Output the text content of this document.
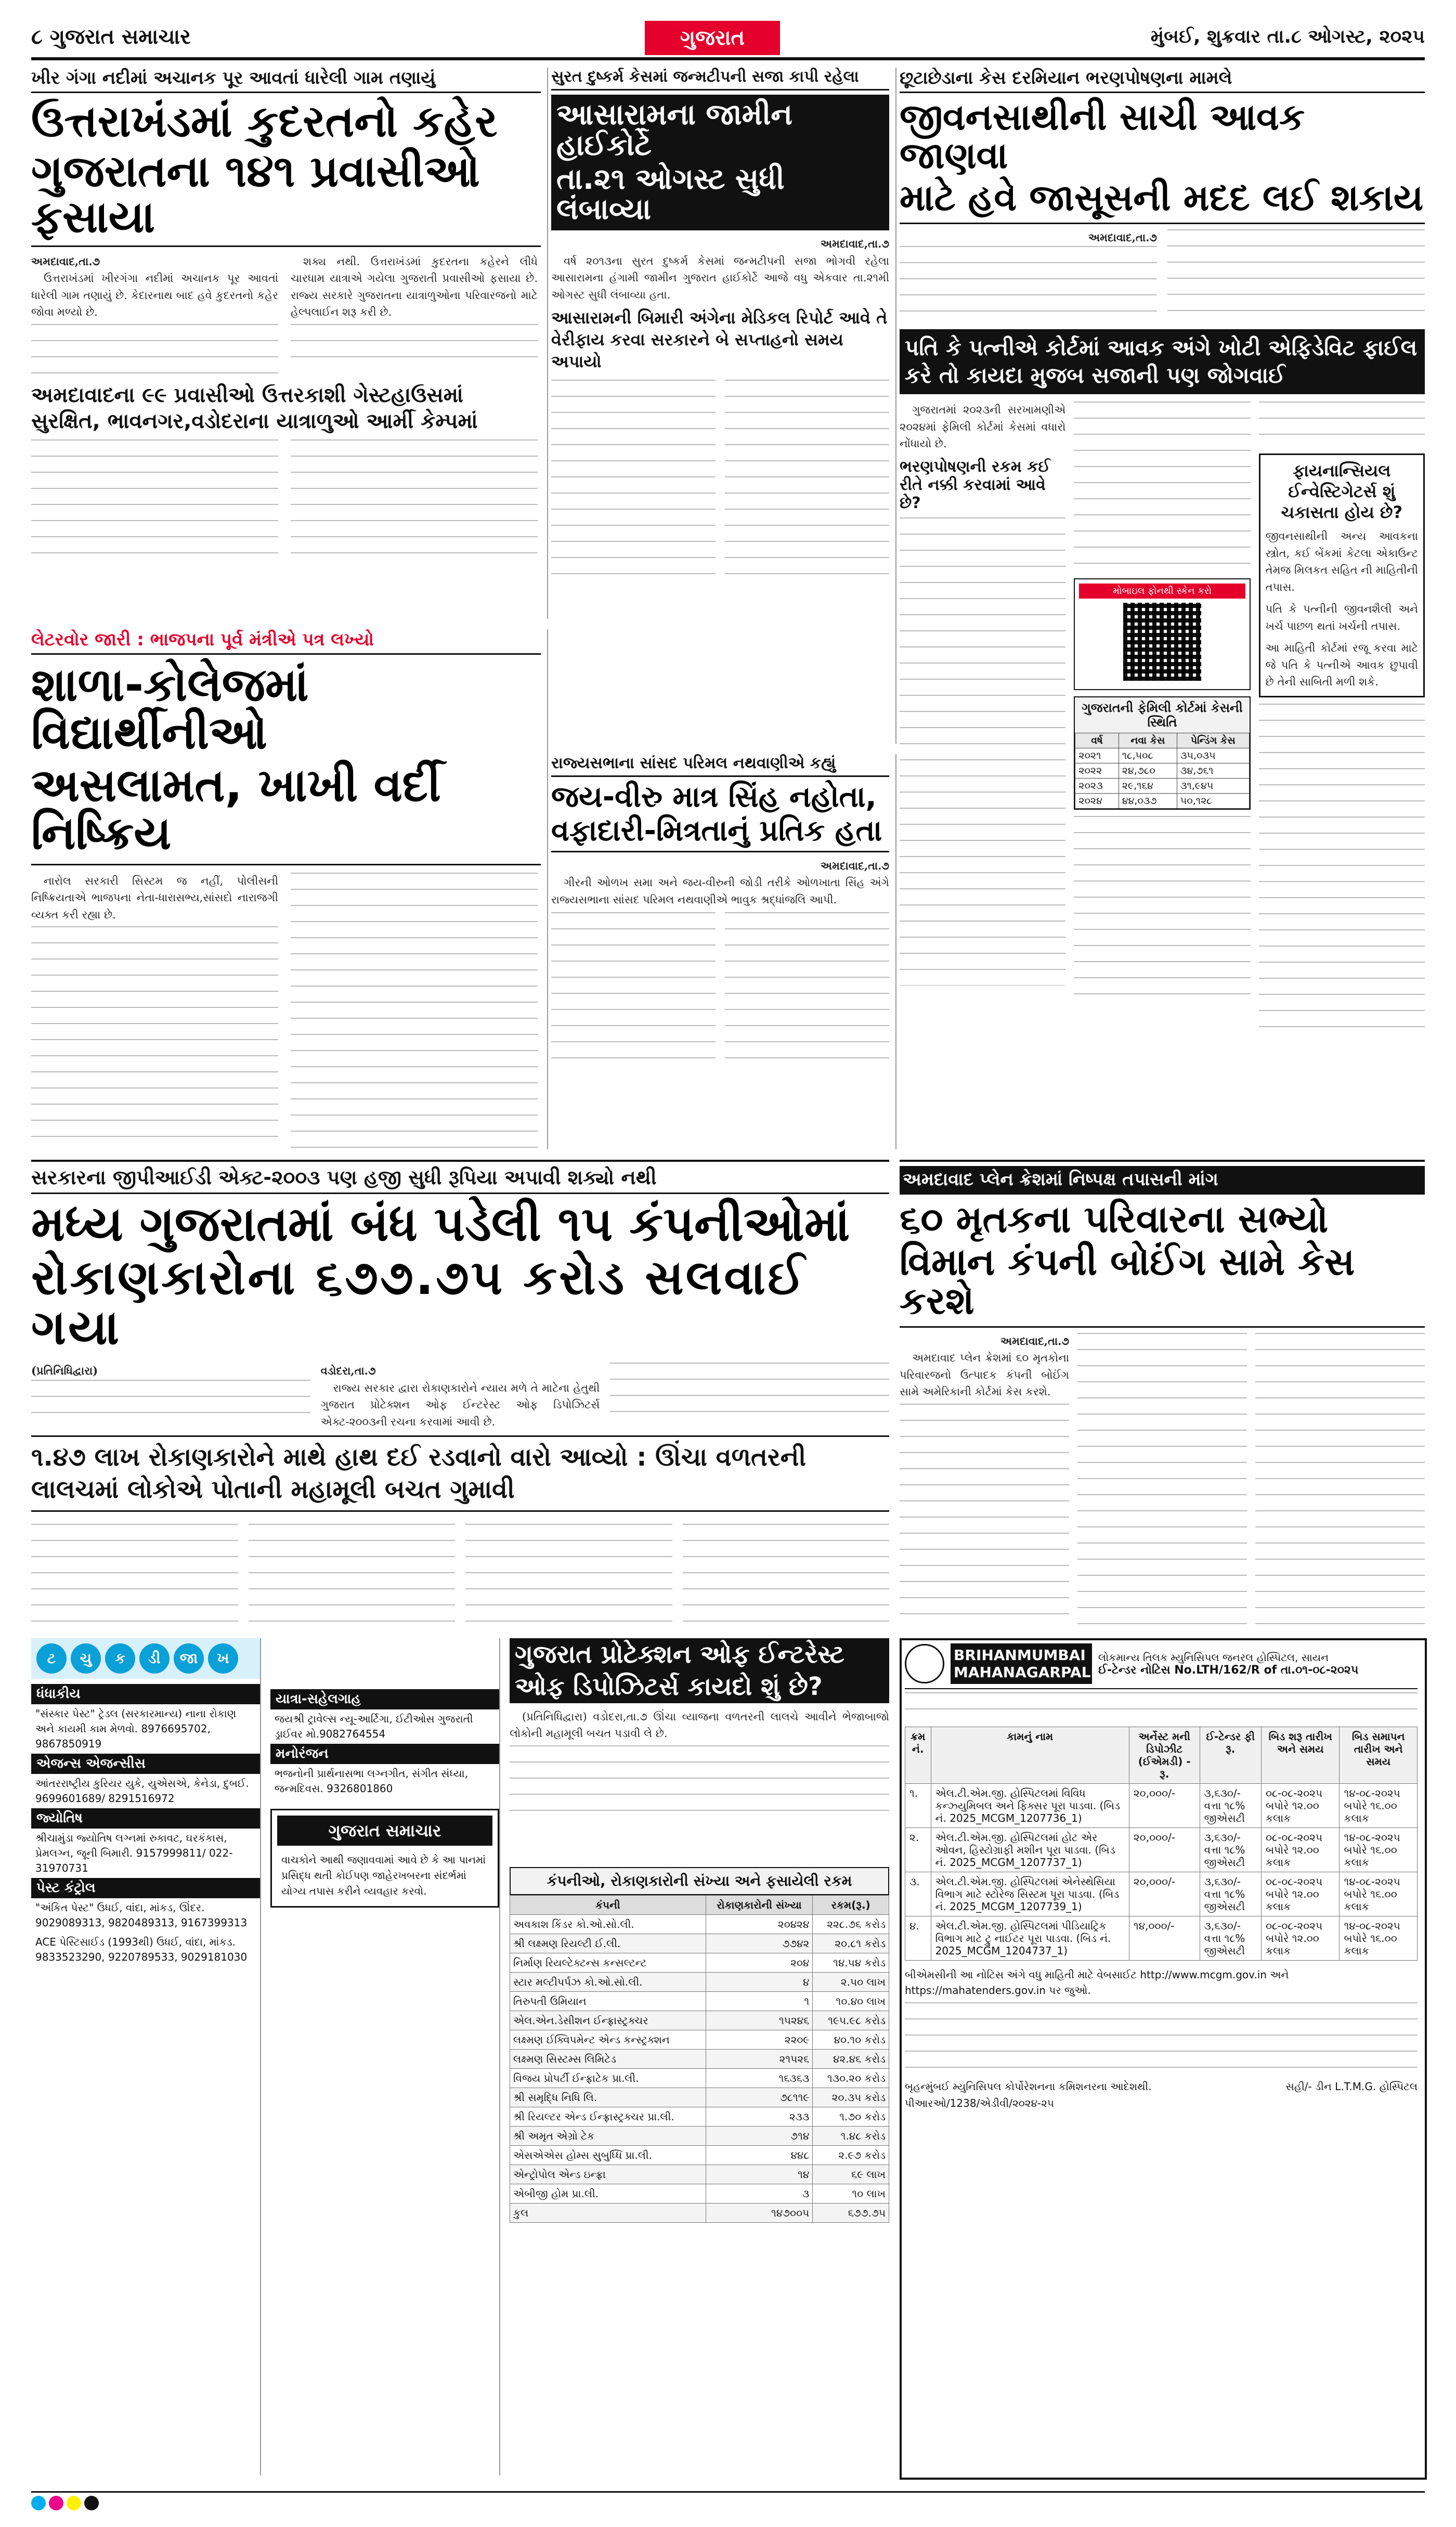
૮ ગુજરાત સમાચાર	ગુજરાત	મુંબઈ, શુક્રવાર તા.૮ ઓગસ્ટ, ૨૦૨૫
ખીર ગંગા નદીમાં અચાનક પૂર આવતાં ધારેલી ગામ તણાયું
ઉત્તરાખંડમાં કુદરતનો કહેર
ગુજરાતના ૧૪૧ પ્રવાસીઓ ફસાયા
અમદાવાદ,તા.૭

ઉત્તરાખંડમાં ખીરગંગા નદીમાં અચાનક પૂર આવતાં ધારેલી ગામ તણાયું છે. કેદારનાથ બાદ હવે કુદરતનો કહેર જોવા મળ્યો છે.

શક્ય નથી. ઉત્તરાખંડમાં કુદરતના કહેરને લીધે ચારધામ યાત્રાએ ગયેલા ગુજરાતી પ્રવાસીઓ ફસાયા છે. રાજ્ય સરકારે ગુજરાતના યાત્રાળુઓના પરિવારજનો માટે હેલ્પલાઈન શરૂ કરી છે.

અમદાવાદના ૯૯ પ્રવાસીઓ ઉત્તરકાશી ગેસ્ટહાઉસમાં
સુરક્ષિત, ભાવનગર,વડોદરાના યાત્રાળુઓ આર્મી કેમ્પમાં
લેટરવોર જારી : ભાજપના પૂર્વ મંત્રીએ પત્ર લખ્યો
શાળા-કોલેજમાં વિદ્યાર્થીનીઓ
અસલામત, ખાખી વર્દી નિષ્ક્રિય

નારોલ સરકારી સિસ્ટમ જ નહીં, પોલીસની નિષ્ક્રિયતાએ ભાજપના નેતા-ધારાસભ્ય,સાંસદો નારાજગી વ્યક્ત કરી રહ્યા છે.

સુરત દુષ્કર્મ કેસમાં જન્મટીપની સજા કાપી રહેલા
આસારામના જામીન હાઈકોર્ટે
તા.૨૧ ઓગસ્ટ સુધી લંબાવ્યા
અમદાવાદ,તા.૭

વર્ષ ૨૦૧૩ના સુરત દુષ્કર્મ કેસમાં જન્મટીપની સજા ભોગવી રહેલા આસારામના હંગામી જામીન ગુજરાત હાઈકોર્ટે આજે વધુ એકવાર તા.૨૧મી ઓગસ્ટ સુધી લંબાવ્યા હતા.

આસારામની બિમારી અંગેના મેડિકલ રિપોર્ટ આવે તે વેરીફાય કરવા સરકારને બે સપ્તાહનો સમય અપાયો
રાજ્યસભાના સાંસદ પરિમલ નથવાણીએ કહ્યું
જય-વીરુ માત્ર સિંહ નહોતા,
વફાદારી-મિત્રતાનું પ્રતિક હતા
અમદાવાદ,તા.૭

ગીરની ઓળખ સમા અને જય-વીરુની જોડી તરીકે ઓળખાતા સિંહ અંગે રાજ્યસભાના સાંસદ પરિમલ નથવાણીએ ભાવુક શ્રદ્ધાંજલિ આપી.

છૂટાછેડાના કેસ દરમિયાન ભરણપોષણના મામલે
જીવનસાથીની સાચી આવક જાણવા
માટે હવે જાસૂસની મદદ લઈ શકાય
અમદાવાદ,તા.૭
પતિ કે પત્નીએ કોર્ટમાં આવક અંગે ખોટી એફિડેવિટ ફાઈલ કરે તો કાયદા મુજબ સજાની પણ જોગવાઈ

ગુજરાતમાં ૨૦૨૩ની સરખામણીએ ૨૦૨૪માં ફેમિલી કોર્ટમાં કેસમાં વધારો નોંધાયો છે.

ભરણપોષણની રકમ કઈ રીતે નક્કી કરવામાં આવે છે?
મોબાઇલ ફોનથી સ્કેન કરો
ગુજરાતની ફેમિલી કોર્ટમાં કેસની સ્થિતિ
વર્ષ	નવા કેસ	પેન્ડિંગ કેસ
૨૦૨૧	૧૮,૫૦૮	૩૫,૦૩૫
૨૦૨૨	૨૪,૭૮૦	૩૪,૭૬૧
૨૦૨૩	૨૯,૧૬૪	૩૧,૯૪૫
૨૦૨૪	૪૪,૦૩૭	૫૦,૧૨૮
ફાયનાન્સિયલ ઈન્વેસ્ટિગેટર્સ શું ચકાસતા હોય છે?
જીવનસાથીની અન્ય આવકના સ્ત્રોત, કઈ બેંકમાં કેટલા એકાઉન્ટ તેમજ મિલકત સહિત ની માહિતીની તપાસ.
પતિ કે પત્નીની જીવનશૈલી અને ખર્ચ પાછળ થતાં ખર્ચની તપાસ.
આ માહિતી કોર્ટમાં રજૂ કરવા માટે જે પતિ કે પત્નીએ આવક છુપાવી છે તેની સાબિતી મળી શકે.
સરકારના જીપીઆઈડી એક્ટ-૨૦૦૩ પણ હજી સુધી રૂપિયા અપાવી શક્યો નથી
મધ્ય ગુજરાતમાં બંધ પડેલી ૧૫ કંપનીઓમાં
રોકાણકારોના ૬૭૭.૭૫ કરોડ સલવાઈ ગયા
(પ્રતિનિધિદ્વારા)	વડોદરા,તા.૭

રાજ્ય સરકાર દ્વારા રોકાણકારોને ન્યાય મળે તે માટેના હેતુથી ગુજરાત પ્રોટેક્શન ઓફ ઈન્ટરેસ્ટ ઓફ ડિપોઝિટર્સ એક્ટ-૨૦૦૩ની રચના કરવામાં આવી છે.

૧.૪૭ લાખ રોકાણકારોને માથે હાથ દઈ રડવાનો વારો આવ્યો : ઊંચા વળતરની લાલચમાં લોકોએ પોતાની મહામૂલી બચત ગુમાવી
ટ ચુ ક ડી જા ખ
ધંધાકીય
"સંસ્કાર પેસ્ટ" ટ્રેડલ (સરકારમાન્ય) નાના રોકાણ અને કાયમી કામ મેળવો. 8976695702, 9867850919
એજન્સ એજન્સીસ
આંતરરાષ્ટ્રીય કુરિયર યુકે, યુએસએ, કેનેડા, દુબઈ. 9699601689/ 8291516972
જ્યોતિષ
શ્રીચામુંડા જ્યોતિષ લગ્નમાં રુકાવટ, ઘરકંકાસ, પ્રેમલગ્ન, જૂની બિમારી. 9157999811/ 022-31970731
પેસ્ટ કંટ્રોલ
"અંકિત પેસ્ટ" ઉધઈ, વાંદા, માંકડ, ઊંદર. 9029089313, 9820489313, 9167399313
ACE પેસ્ટિસાઈડ (1993થી) ઉધઈ, વાંદા, માંકડ. 9833523290, 9220789533, 9029181030
યાત્રા-સહેલગાહ
જયશ્રી ટ્રાવેલ્સ ન્યૂ-આર્ટિગા, ઈટીઓસ ગુજરાતી ડ્રાઈવર મો.9082764554
મનોરંજન
ભજનોની પ્રાર્થનાસભા લગ્નગીત, સંગીત સંધ્યા, જન્મદિવસ. 9326801860
ગુજરાત સમાચાર
વાચકોને આથી જણાવવામાં આવે છે કે આ પાનમાં પ્રસિદ્ધ થતી કોઈપણ જાહેરખબરના સંદર્ભમાં યોગ્ય તપાસ કરીને વ્યવહાર કરવો.
ગુજરાત પ્રોટેક્શન ઓફ ઈન્ટરેસ્ટ
ઓફ ડિપોઝિટર્સ કાયદો શું છે?

(પ્રતિનિધિદ્વારા) વડોદરા,તા.૭ ઊંચા વ્યાજના વળતરની લાલચે આવીને ભેજાબાજો લોકોની મહામૂલી બચત પડાવી લે છે.

કંપનીઓ, રોકાણકારોની સંખ્યા અને ફસાયેલી રકમ
કંપની	રોકાણકારોની સંખ્યા	રકમ(રૂ.)
અવકાશ કિંડર કો.ઓ.સો.લી.	૨૦૪૨૪	૨૨૮.૭૬ કરોડ
શ્રી લક્ષ્મણ રિયલ્ટી ઈ.લી.	૭૭૪૨	૨૦.૮૧ કરોડ
નિર્માણ રિયલ્ટેક્ટન્સ કન્સલ્ટન્ટ	૨૦૪	૧૪.૫૪ કરોડ
સ્ટાર મલ્ટીપર્પઝ કો.ઓ.સો.લી.	૪	૨.૫૦ લાખ
તિરુપતી ઉમિયાન	૧	૧૦.૪૦ લાખ
એલ.એન.ડેસીશન ઈન્ફ્રાસ્ટ્રક્ચર	૧૫૨૪૬	૧૯૫.૯૮ કરોડ
લક્ષ્મણ ઈક્વિપમેન્ટ એન્ડ કન્સ્ટ્રક્શન	૨૨૦૯	૪૦.૧૦ કરોડ
લક્ષ્મણ સિસ્ટમ્સ લિમિટેડ	૨૧૫૨૬	૪૨.૪૬ કરોડ
વિજય પ્રોપર્ટી ઈન્ફ્રાટેક પ્રા.લી.	૧૬૩૬૩	૧૩૦.૨૦ કરોડ
શ્રી સમૃદ્ધિ નિધિ લિ.	૭૮૧૧૯	૨૦.૩૫ કરોડ
શ્રી રિયલ્ટર એન્ડ ઈન્ફ્રાસ્ટ્રક્ચર પ્રા.લી.	૨૩૩	૧.૭૦ કરોડ
શ્રી અમૃત એગ્રો ટેક	૭૧૪	૧.૪૮ કરોડ
એસએએસ હોમ્સ સુબુધ્ધિ પ્રા.લી.	૪૪૮	૨.૯૭ કરોડ
એન્ટ્રોપોલ એન્ડ ઇન્ફ્રા	૧૪	૬૯ લાખ
એબીજી હોમ પ્રા.લી.	૩	૧૦ લાખ
કુલ	૧૪૭૦૦૫	૬૭૭.૭૫
અમદાવાદ પ્લેન ક્રેશમાં નિષ્પક્ષ તપાસની માંગ
૬૦ મૃતકના પરિવારના સભ્યો
વિમાન કંપની બોઈંગ સામે કેસ કરશે
અમદાવાદ,તા.૭

અમદાવાદ પ્લેન ક્રેશમાં ૬૦ મૃતકોના પરિવારજનો ઉત્પાદક કંપની બોઈંગ સામે અમેરિકાની કોર્ટમાં કેસ કરશે.

BRIHANMUMBAI MAHANAGARPALIKA
લોકમાન્ય તિલક મ્યુનિસિપલ જનરલ હોસ્પિટલ, સાયન
ઈ-ટેન્ડર નોટિસ No.LTH/162/R of તા.૦૧-૦૮-૨૦૨૫
ક્રમ નં.	કામનું નામ	અર્નેસ્ટ મની ડિપોઝીટ (ઈએમડી) - રૂ.	ઈ-ટેન્ડર ફી રૂ.	બિડ શરૂ તારીખ અને સમય	બિડ સમાપન તારીખ અને સમય
૧.	એલ.ટી.એમ.જી. હોસ્પિટલમાં વિવિધ કન્ઝ્યુમિબલ અને ફિક્સર પૂરા પાડવા. (બિડ નં. 2025_MCGM_1207736_1)	૨૦,૦૦૦/-	૩,૬૩૦/-વત્તા ૧૮% જીએસટી	૦૮-૦૮-૨૦૨૫ બપોરે ૧૨.૦૦ કલાક	૧૪-૦૮-૨૦૨૫ બપોરે ૧૬.૦૦ કલાક
૨.	એલ.ટી.એમ.જી. હોસ્પિટલમાં હોટ એર ઓવન, હિસ્ટોગ્રાફી મશીન પૂરા પાડવા. (બિડ નં. 2025_MCGM_1207737_1)	૨૦,૦૦૦/-	૩,૬૩૦/-વત્તા ૧૮% જીએસટી	૦૮-૦૮-૨૦૨૫ બપોરે ૧૨.૦૦ કલાક	૧૪-૦૮-૨૦૨૫ બપોરે ૧૬.૦૦ કલાક
૩.	એલ.ટી.એમ.જી. હોસ્પિટલમાં એનેસ્થેસિયા વિભાગ માટે સ્ટોરેજ સિસ્ટમ પૂરા પાડવા. (બિડ નં. 2025_MCGM_1207739_1)	૨૦,૦૦૦/-	૩,૬૩૦/-વત્તા ૧૮% જીએસટી	૦૮-૦૮-૨૦૨૫ બપોરે ૧૨.૦૦ કલાક	૧૪-૦૮-૨૦૨૫ બપોરે ૧૬.૦૦ કલાક
૪.	એલ.ટી.એમ.જી. હોસ્પિટલમાં પીડિયાટ્રિક વિભાગ માટે ટ્રુ નાઈટર પૂરા પાડવા. (બિડ નં. 2025_MCGM_1204737_1)	૧૪,૦૦૦/-	૩,૬૩૦/-વત્તા ૧૮% જીએસટી	૦૮-૦૮-૨૦૨૫ બપોરે ૧૨.૦૦ કલાક	૧૪-૦૮-૨૦૨૫ બપોરે ૧૬.૦૦ કલાક
બીએમસીની આ નોટિસ અંગે વધુ માહિતી માટે વેબસાઈટ http://www.mcgm.gov.in અને https://mahatenders.gov.in પર જુઓ.
બૃહન્મુંબઈ મ્યુનિસિપલ કોર્પોરેશનના કમિશનરના આદેશથી.	સહી/- ડીન L.T.M.G. હોસ્પિટલ
પીઆરઓ/1238/એડીવી/૨૦૨૪-૨૫
